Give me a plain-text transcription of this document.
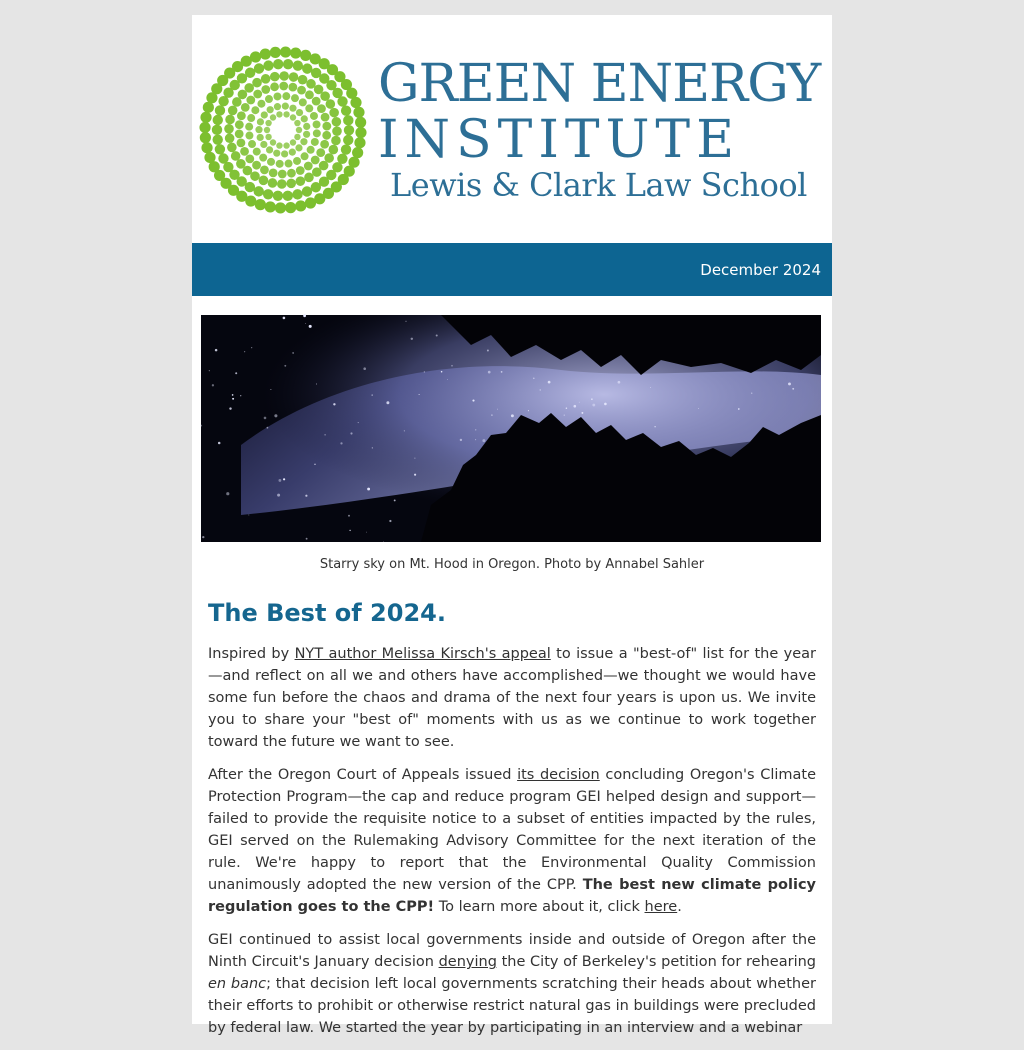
GREEN ENERGY
INSTITUTE
Lewis & Clark Law School
December 2024
Starry sky on Mt. Hood in Oregon. Photo by Annabel Sahler
The Best of 2024.

Inspired by NYT author Melissa Kirsch's appeal to issue a "best-of" list for the year—and reflect on all we and others have accomplished—we thought we would have some fun before the chaos and drama of the next four years is upon us. We invite you to share your "best of" moments with us as we continue to work together toward the future we want to see.

After the Oregon Court of Appeals issued its decision concluding Oregon's Climate Protection Program—the cap and reduce program GEI helped design and support—failed to provide the requisite notice to a subset of entities impacted by the rules, GEI served on the Rulemaking Advisory Committee for the next iteration of the rule. We're happy to report that the Environmental Quality Commission unanimously adopted the new version of the CPP. The best new climate policy regulation goes to the CPP! To learn more about it, click here.

GEI continued to assist local governments inside and outside of Oregon after the Ninth Circuit's January decision denying the City of Berkeley's petition for rehearing en banc; that decision left local governments scratching their heads about whether their efforts to prohibit or otherwise restrict natural gas in buildings were precluded by federal law. We started the year by participating in an interview and a webinar
